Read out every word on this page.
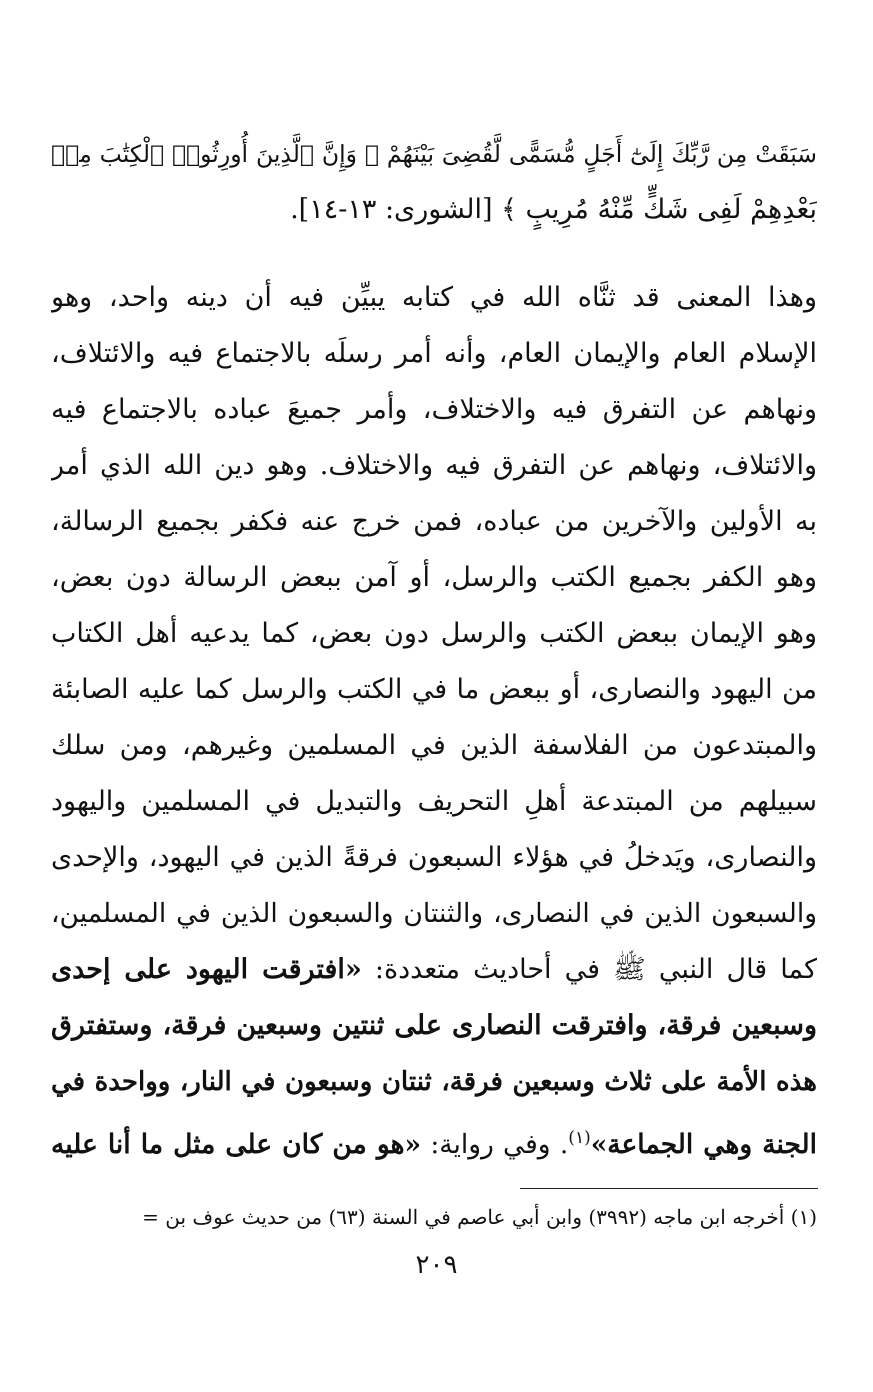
سَبَقَتْ مِن رَّبِّكَ إِلَىٰٓ أَجَلٍ مُّسَمًّى لَّقُضِىَ بَيْنَهُمْ ۚ وَإِنَّ ٱلَّذِينَ أُورِثُوا۟ ٱلْكِتَٰبَ مِنۢ
بَعْدِهِمْ لَفِى شَكٍّ مِّنْهُ مُرِيبٍ ﴾ [الشورى: ١٣-١٤].
وهذا المعنى قد ثنَّاه الله في كتابه يبيِّن فيه أن دينه واحد، وهو
الإسلام العام والإيمان العام، وأنه أمر رسلَه بالاجتماع فيه والائتلاف،
ونهاهم عن التفرق فيه والاختلاف، وأمر جميعَ عباده بالاجتماع فيه
والائتلاف، ونهاهم عن التفرق فيه والاختلاف. وهو دين الله الذي أمر
به الأولين والآخرين من عباده، فمن خرج عنه فكفر بجميع الرسالة،
وهو الكفر بجميع الكتب والرسل، أو آمن ببعض الرسالة دون بعض،
وهو الإيمان ببعض الكتب والرسل دون بعض، كما يدعيه أهل الكتاب
من اليهود والنصارى، أو ببعض ما في الكتب والرسل كما عليه الصابئة
والمبتدعون من الفلاسفة الذين في المسلمين وغيرهم، ومن سلك
سبيلهم من المبتدعة أهلِ التحريف والتبديل في المسلمين واليهود
والنصارى، ويَدخلُ في هؤلاء السبعون فرقةً الذين في اليهود، والإحدى
والسبعون الذين في النصارى، والثنتان والسبعون الذين في المسلمين،
كما قال النبي ﷺ في أحاديث متعددة: «افترقت اليهود على إحدى
وسبعين فرقة، وافترقت النصارى على ثنتين وسبعين فرقة، وستفترق
هذه الأمة على ثلاث وسبعين فرقة، ثنتان وسبعون في النار، وواحدة في
الجنة وهي الجماعة»$^{(١)}$. وفي رواية: «هو من كان على مثل ما أنا عليه
(١) أخرجه ابن ماجه (٣٩٩٢) وابن أبي عاصم في السنة (٦٣) من حديث عوف بن =
٢٠٩
